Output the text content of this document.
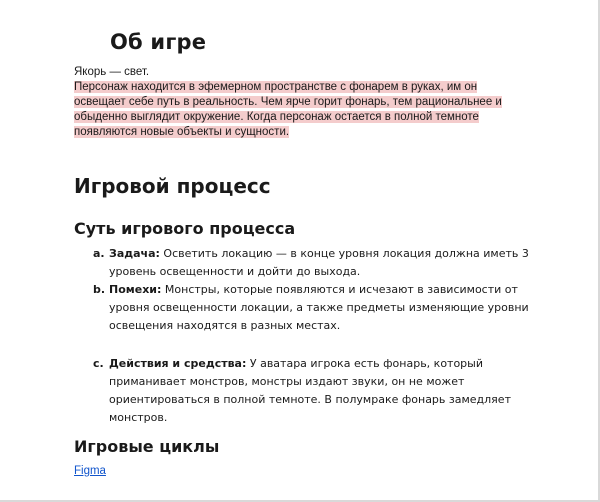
Об игре

Якорь — свет.

Персонаж находится в эфемерном пространстве с фонарем в руках, им он освещает себе путь в реальность. Чем ярче горит фонарь, тем рациональнее и обыденно выглядит окружение. Когда персонаж остается в полной темноте появляются новые объекты и сущности.

Игровой процесс
Суть игрового процесса
a. Задача: Осветить локацию — в конце уровня локация должна иметь 3 уровень освещенности и дойти до выхода.
b. Помехи: Монстры, которые появляются и исчезают в зависимости от уровня освещенности локации, а также предметы изменяющие уровни освещения находятся в разных местах.
c. Действия и средства: У аватара игрока есть фонарь, который приманивает монстров, монстры издают звуки, он не может ориентироваться в полной темноте. В полумраке фонарь замедляет монстров.
Игровые циклы
Figma
